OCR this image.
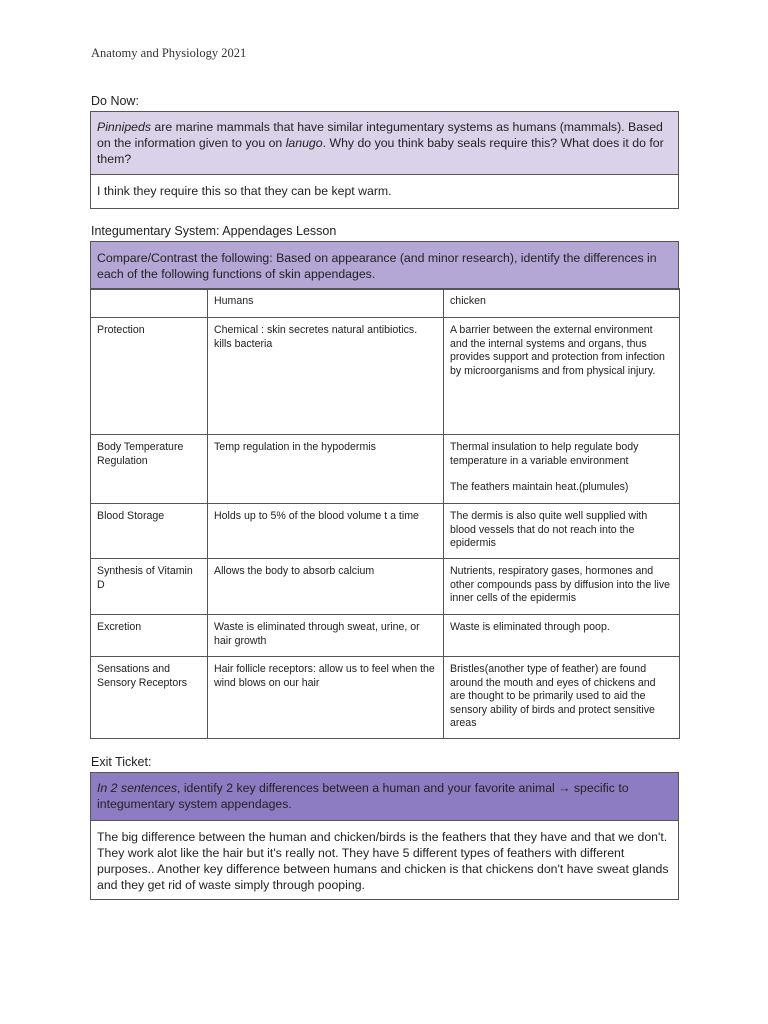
Anatomy and Physiology 2021
Do Now:
Pinnipeds are marine mammals that have similar integumentary systems as humans (mammals). Based on the information given to you on lanugo. Why do you think baby seals require this? What does it do for them?
I think they require this so that they can be kept warm.
Integumentary System: Appendages Lesson
Compare/Contrast the following: Based on appearance (and minor research), identify the differences in each of the following functions of skin appendages.
	Humans	chicken
Protection	Chemical : skin secretes natural antibiotics. kills bacteria	A barrier between the external environment and the internal systems and organs, thus provides support and protection from infection by microorganisms and from physical injury.

Body Temperature Regulation	Temp regulation in the hypodermis	Thermal insulation to help regulate body temperature in a variable environment

The feathers maintain heat.(plumules)

Blood Storage	Holds up to 5% of the blood volume t a time	The dermis is also quite well supplied with blood vessels that do not reach into the epidermis

Synthesis of Vitamin D	Allows the body to absorb calcium	Nutrients, respiratory gases, hormones and other compounds pass by diffusion into the live inner cells of the epidermis

Excretion	Waste is eliminated through sweat, urine, or hair growth	Waste is eliminated through poop.

Sensations and Sensory Receptors	Hair follicle receptors: allow us to feel when the wind blows on our hair	Bristles(another type of feather) are found around the mouth and eyes of chickens and are thought to be primarily used to aid the sensory ability of birds and protect sensitive areas

Exit Ticket:
In 2 sentences, identify 2 key differences between a human and your favorite animal → specific to integumentary system appendages.
The big difference between the human and chicken/birds is the feathers that they have and that we don't. They work alot like the hair but it's really not. They have 5 different types of feathers with different purposes.. Another key difference between humans and chicken is that chickens don't have sweat glands and they get rid of waste simply through pooping.
